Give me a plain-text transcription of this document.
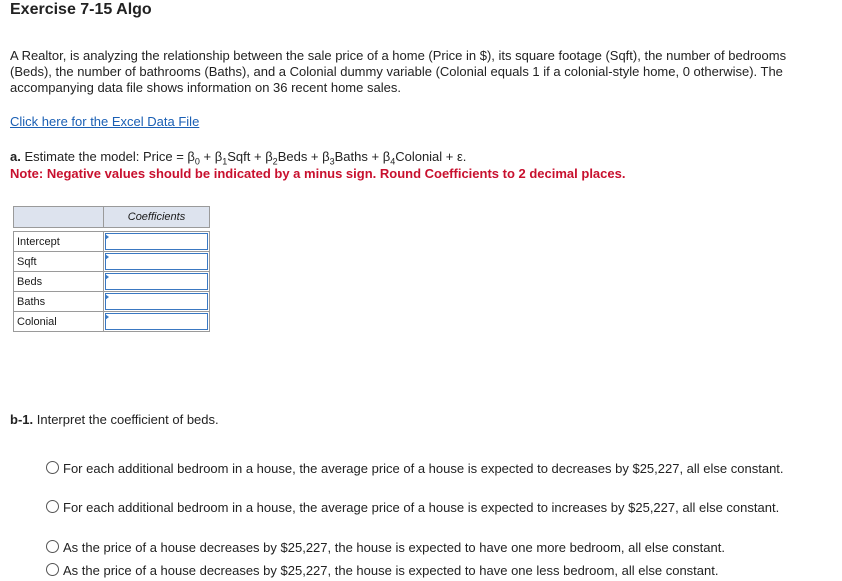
Exercise 7-15 Algo
A Realtor, is analyzing the relationship between the sale price of a home (Price in $), its square footage (Sqft), the number of bedrooms (Beds), the number of bathrooms (Baths), and a Colonial dummy variable (Colonial equals 1 if a colonial-style home, 0 otherwise). The accompanying data file shows information on 36 recent home sales.
Click here for the Excel Data File
a. Estimate the model: Price = $\beta_0$ + $\beta_1Sqft$ + $\beta_2Beds$ + $\beta_3Baths$ + $\beta_4Colonial + \varepsilon$.
Note: Negative values should be indicated by a minus sign. Round Coefficients to 2 decimal places.
	Coefficients

Intercept	

Sqft	

Beds	

Baths	

Colonial	
b-1. Interpret the coefficient of beds.
For each additional bedroom in a house, the average price of a house is expected to decreases by $25,227, all else constant.
For each additional bedroom in a house, the average price of a house is expected to increases by $25,227, all else constant.
As the price of a house decreases by $25,227, the house is expected to have one more bedroom, all else constant.
As the price of a house decreases by $25,227, the house is expected to have one less bedroom, all else constant.
